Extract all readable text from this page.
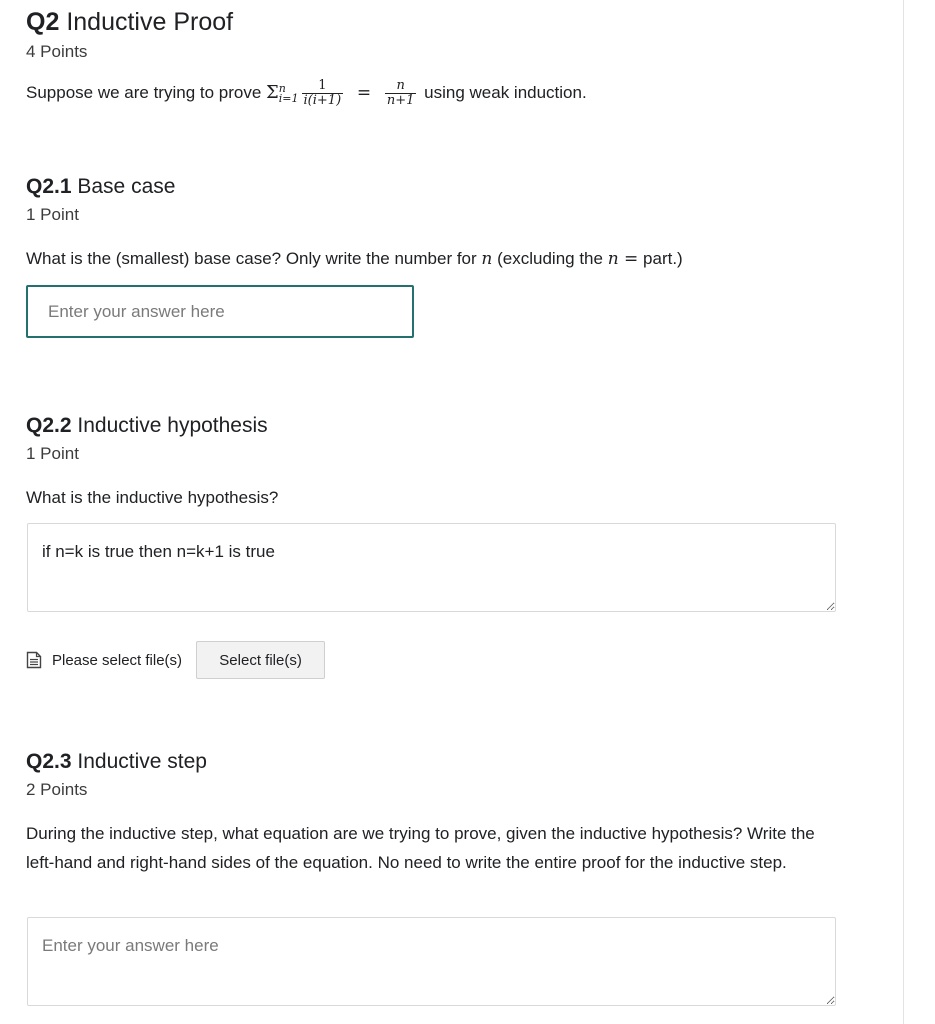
Q2 Inductive Proof
4 Points
Suppose we are trying to prove Σ n
$i=1 \frac{1}{i(i+1)} = \frac{n}{n+1}$ using weak induction.
Q2.1 Base case
1 Point
What is the (smallest) base case? Only write the number for n (excluding the n = part.)
Enter your answer here
Q2.2 Inductive hypothesis
1 Point
What is the inductive hypothesis?
if n=k is true then n=k+1 is true
Please select file(s)	Select file(s)
Q2.3 Inductive step
2 Points
During the inductive step, what equation are we trying to prove, given the inductive hypothesis? Write the left-hand and right-hand sides of the equation. No need to write the entire proof for the inductive step.
Enter your answer here
